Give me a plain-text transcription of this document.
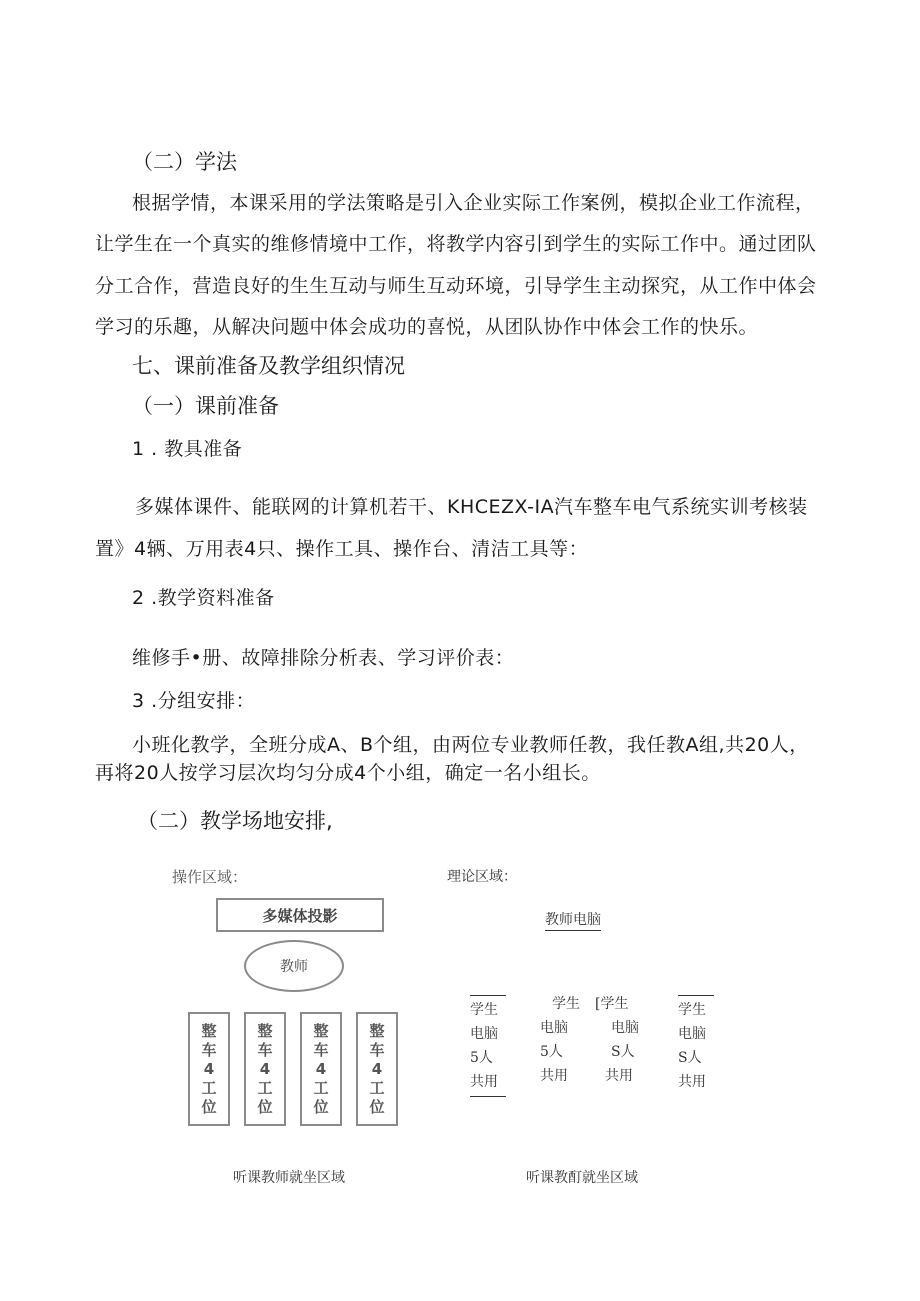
（二）学法
根据学情，本课采用的学法策略是引入企业实际工作案例，模拟企业工作流程，
让学生在一个真实的维修情境中工作，将教学内容引到学生的实际工作中。通过团队
分工合作，营造良好的生生互动与师生互动环境，引导学生主动探究，从工作中体会
学习的乐趣，从解决问题中体会成功的喜悦，从团队协作中体会工作的快乐。
七、课前准备及教学组织情况
（一）课前准备
1 . 教具准备
多媒体课件、能联网的计算机若干、KHCEZX-IA汽车整车电气系统实训考核装
置》4辆、万用表4只、操作工具、操作台、清洁工具等：
2 .教学资料准备
维修手•册、故障排除分析表、学习评价表：
3 .分组安排：
小班化教学，全班分成A、B个组，由两位专业教师任教，我任教A组,共20人，
再将20人按学习层次均匀分成4个小组，确定一名小组长。
（二）教学场地安排,
操作区域：
多媒体投影
教师
整
车
4
工
位
整
车
4
工
位
整
车
4
工
位
整
车
4
工
位
理论区域：
教师电脑
学生
电脑
5人
共用
学生
电脑
5人
共用
[学生
电脑
S人
共用
学生
电脑
S人
共用
听课教师就坐区域	听课教酊就坐区域
